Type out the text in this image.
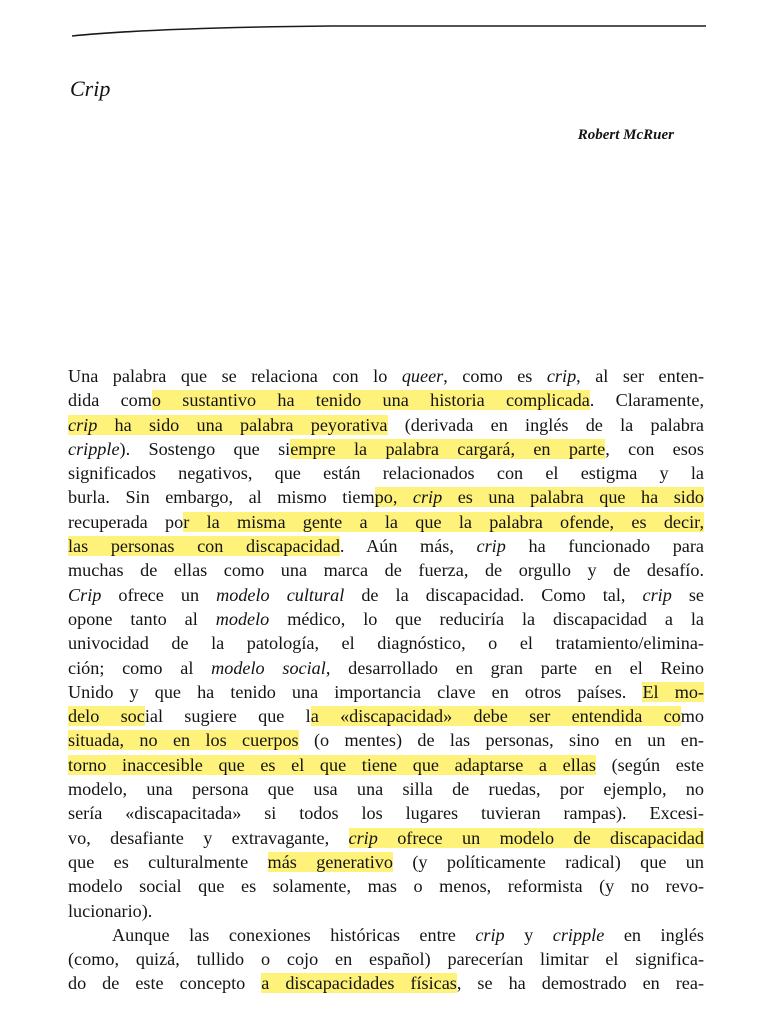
Crip
Robert McRuer
Una palabra que se relaciona con lo queer, como es crip, al ser enten-
dida como sustantivo ha tenido una historia complicada. Claramente,
crip ha sido una palabra peyorativa (derivada en inglés de la palabra
cripple). Sostengo que siempre la palabra cargará, en parte, con esos
significados negativos, que están relacionados con el estigma y la
burla. Sin embargo, al mismo tiempo, crip es una palabra que ha sido
recuperada por la misma gente a la que la palabra ofende, es decir,
las personas con discapacidad. Aún más, crip ha funcionado para
muchas de ellas como una marca de fuerza, de orgullo y de desafío.
Crip ofrece un modelo cultural de la discapacidad. Como tal, crip se
opone tanto al modelo médico, lo que reduciría la discapacidad a la
univocidad de la patología, el diagnóstico, o el tratamiento/elimina-
ción; como al modelo social, desarrollado en gran parte en el Reino
Unido y que ha tenido una importancia clave en otros países. El mo-
delo social sugiere que la «discapacidad» debe ser entendida como
situada, no en los cuerpos (o mentes) de las personas, sino en un en-
torno inaccesible que es el que tiene que adaptarse a ellas (según este
modelo, una persona que usa una silla de ruedas, por ejemplo, no
sería «discapacitada» si todos los lugares tuvieran rampas). Excesi-
vo, desafiante y extravagante, crip ofrece un modelo de discapacidad
que es culturalmente más generativo (y políticamente radical) que un
modelo social que es solamente, mas o menos, reformista (y no revo-
lucionario).
Aunque las conexiones históricas entre crip y cripple en inglés
(como, quizá, tullido o cojo en español) parecerían limitar el significa-
do de este concepto a discapacidades físicas, se ha demostrado en rea-
